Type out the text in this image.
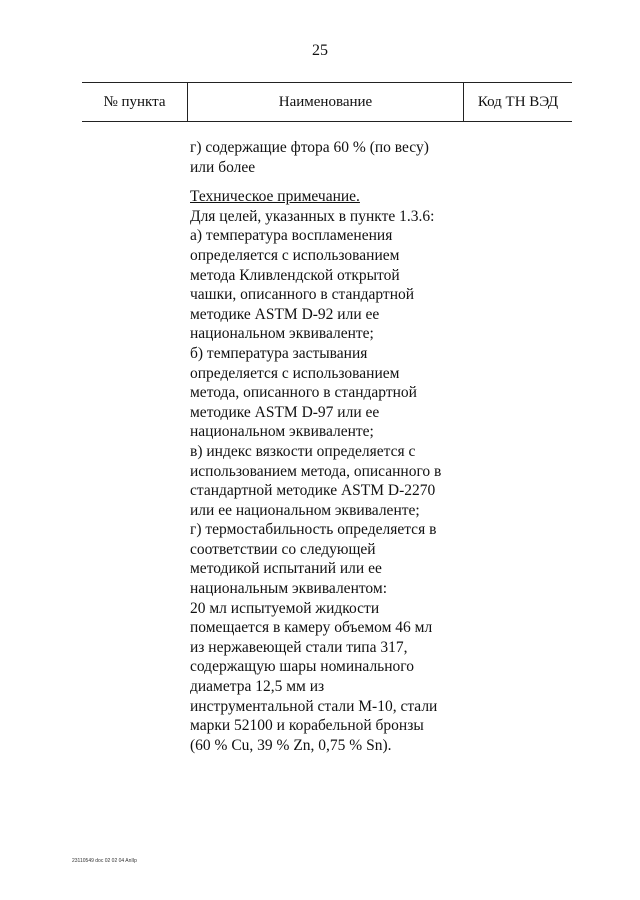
25
№ пункта	Наименование	Код ТН ВЭД
г) содержащие фтора 60 % (по весу)
или более
Техническое примечание.
Для целей, указанных в пункте 1.3.6:
а) температура воспламенения
определяется с использованием
метода Кливлендской открытой
чашки, описанного в стандартной
методике ASTM D-92 или ее
национальном эквиваленте;
б) температура застывания
определяется с использованием
метода, описанного в стандартной
методике ASTM D-97 или ее
национальном эквиваленте;
в) индекс вязкости определяется с
использованием метода, описанного в
стандартной методике ASTM D-2270
или ее национальном эквиваленте;
г) термостабильность определяется в
соответствии со следующей
методикой испытаний или ее
национальным эквивалентом:
20 мл испытуемой жидкости
помещается в камеру объемом 46 мл
из нержавеющей стали типа 317,
содержащую шары номинального
диаметра 12,5 мм из
инструментальной стали М-10, стали
марки 52100 и корабельной бронзы
(60 % Cu, 39 % Zn, 0,75 % Sn).
23110549 doc 02 02 04 AnIIp
